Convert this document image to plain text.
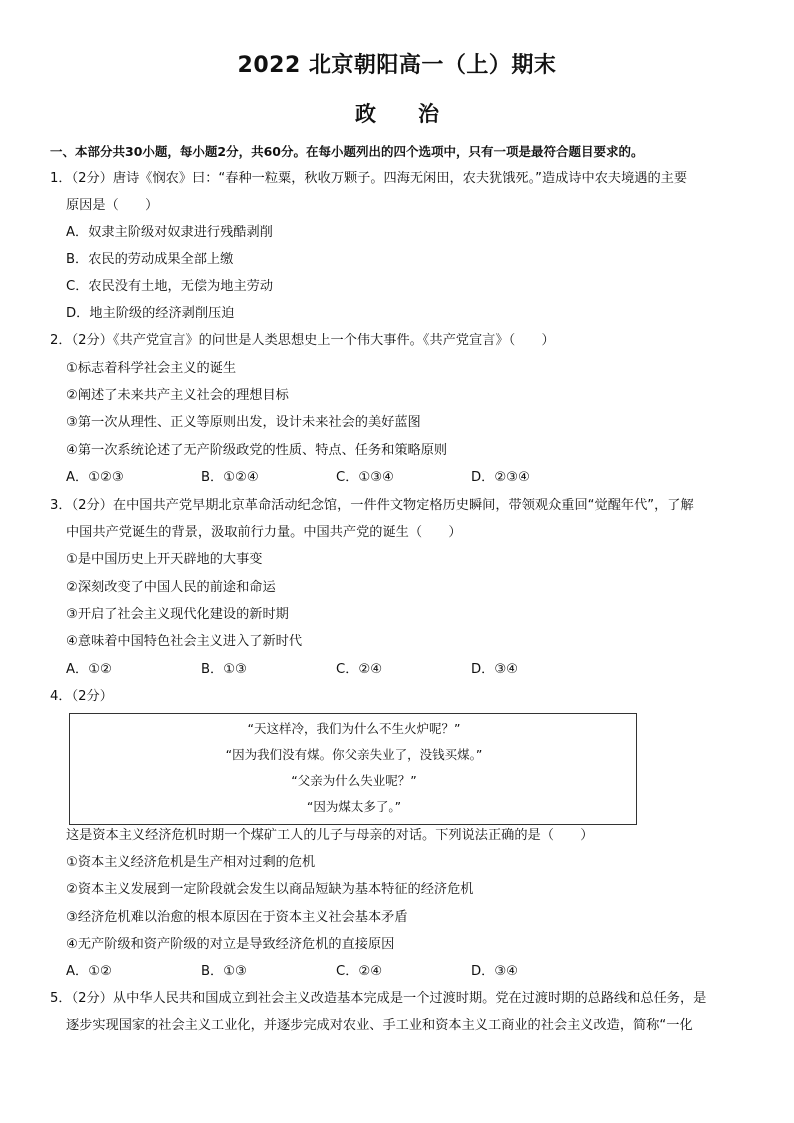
2022 北京朝阳高一（上）期末
政　　治
一、本部分共30小题，每小题2分，共60分。在每小题列出的四个选项中，只有一项是最符合题目要求的。
1．（2分）唐诗《悯农》曰：“春种一粒粟，秋收万颗子。四海无闲田，农夫犹饿死。”造成诗中农夫境遇的主要
原因是（　　）
A．奴隶主阶级对奴隶进行残酷剥削
B．农民的劳动成果全部上缴
C．农民没有土地，无偿为地主劳动
D．地主阶级的经济剥削压迫
2．（2分）《共产党宣言》的问世是人类思想史上一个伟大事件。《共产党宣言》（　　）
①标志着科学社会主义的诞生
②阐述了未来共产主义社会的理想目标
③第一次从理性、正义等原则出发，设计未来社会的美好蓝图
④第一次系统论述了无产阶级政党的性质、特点、任务和策略原则
A．①②③	B．①②④	C．①③④	D．②③④
3．（2分）在中国共产党早期北京革命活动纪念馆，一件件文物定格历史瞬间，带领观众重回“觉醒年代”，了解
中国共产党诞生的背景，汲取前行力量。中国共产党的诞生（　　）
①是中国历史上开天辟地的大事变
②深刻改变了中国人民的前途和命运
③开启了社会主义现代化建设的新时期
④意味着中国特色社会主义进入了新时代
A．①②	B．①③	C．②④	D．③④
4．（2分）
“天这样冷，我们为什么不生火炉呢？”
“因为我们没有煤。你父亲失业了，没钱买煤。”
“父亲为什么失业呢？”
“因为煤太多了。”
这是资本主义经济危机时期一个煤矿工人的儿子与母亲的对话。下列说法正确的是（　　）
①资本主义经济危机是生产相对过剩的危机
②资本主义发展到一定阶段就会发生以商品短缺为基本特征的经济危机
③经济危机难以治愈的根本原因在于资本主义社会基本矛盾
④无产阶级和资产阶级的对立是导致经济危机的直接原因
A．①②	B．①③	C．②④	D．③④
5．（2分）从中华人民共和国成立到社会主义改造基本完成是一个过渡时期。党在过渡时期的总路线和总任务，是
逐步实现国家的社会主义工业化，并逐步完成对农业、手工业和资本主义工商业的社会主义改造，简称“一化
